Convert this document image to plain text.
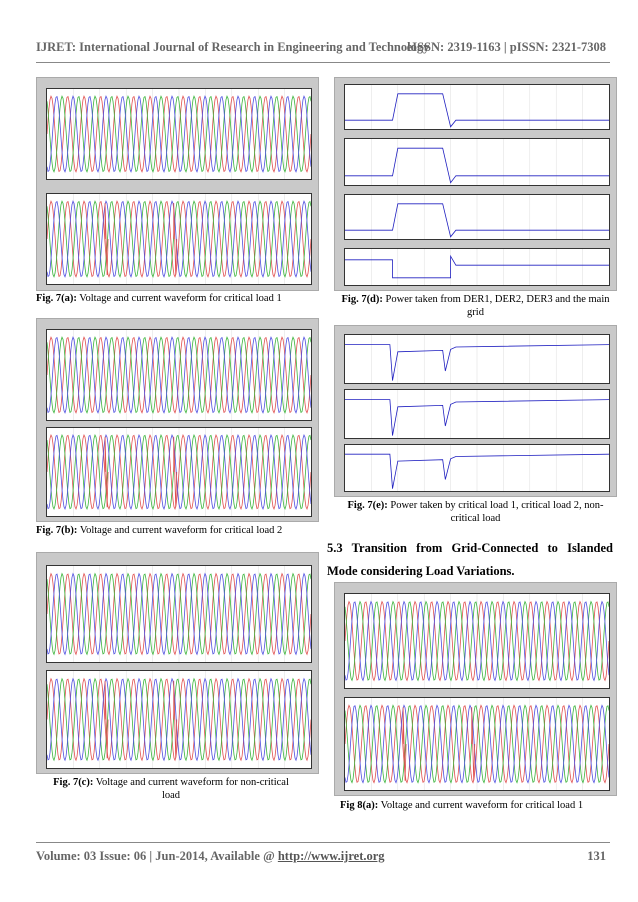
IJRET: International Journal of Research in Engineering and Technology
eISSN: 2319-1163 | pISSN: 2321-7308
Fig. 7(a): Voltage and current waveform for critical load 1
Fig. 7(b): Voltage and current waveform for critical load 2
Fig. 7(c): Voltage and current waveform for non-critical load
Fig. 7(d): Power taken from DER1, DER2, DER3 and the main grid
Fig. 7(e): Power taken by critical load 1, critical load 2, non-critical load
5.3 Transition from Grid-Connected to Islanded Mode considering Load Variations.
Fig 8(a): Voltage and current waveform for critical load 1
Volume: 03 Issue: 06 | Jun-2014, Available @ http://www.ijret.org	131
